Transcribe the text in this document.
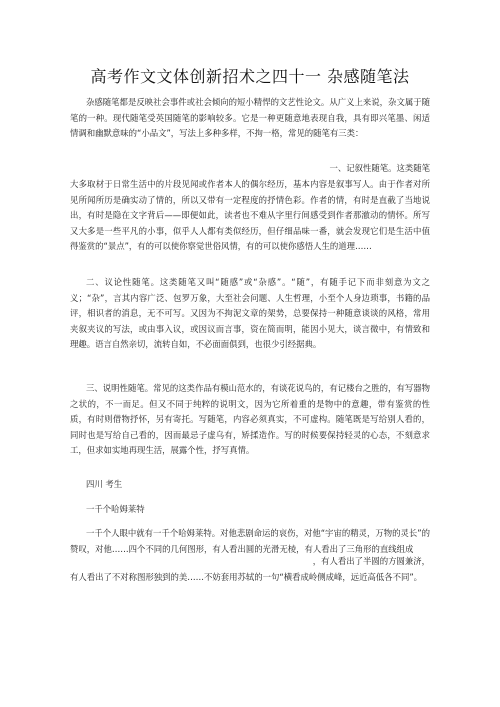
高考作文文体创新招术之四十一 杂感随笔法

杂感随笔都是反映社会事件或社会倾向的短小精悍的文艺性论文。从广义上来说，杂文属于随笔的一种。现代随笔受英国随笔的影响较多。它是一种更随意地表现自我，具有即兴笔墨、闲适情调和幽默意味的“小品文”，写法上多种多样，不拘一格，常见的随笔有三类：

一、记叙性随笔。这类随笔

大多取材于日常生活中的片段见闻或作者本人的偶尔经历，基本内容是叙事写人。由于作者对所见所闻所历是确实动了情的，所以又带有一定程度的抒情色彩。作者的情，有时是直截了当地说出，有时是隐在文字背后——即便如此，读者也不难从字里行间感受到作者那澈动的情怀。所写又大多是一些平凡的小事，似乎人人都有类似经历，但仔细品味一番，就会发现它们是生活中值得鉴赏的“景点”，有的可以使你察觉世俗风情，有的可以使你感悟人生的道理……

二、议论性随笔。这类随笔又叫“随感”或“杂感”。“随”，有随手记下而非刻意为文之义；“杂”，言其内容广泛、包罗万象，大至社会问题、人生哲理，小至个人身边琐事，书籍的品评，相识者的消息，无不可写。又因为不拘泥文章的架势，总要保持一种随意谈谈的风格，常用夹叙夹议的写法，或由事入议，或因议而言事，资在简而明，能因小见大，谈言微中，有情致和理趣。语言自然亲切，流转自如，不必面面俱到，也很少引经据典。

三、说明性随笔。常见的这类作品有模山范水的，有谈花说鸟的，有记楼台之胜的，有写器物之状的，不一而足。但又不同于纯粹的说明文，因为它所着重的是物中的意趣，带有鉴赏的性质，有时则借物抒怀，另有寄托。写随笔，内容必须真实，不可虚构。随笔既是写给别人看的，同时也是写给自己看的，因而最忌子虚乌有，矫揉造作。写的时候要保持轻灵的心态，不刻意求工，但求如实地再现生活，展露个性，抒写真情。

四川 考生

一千个哈姆莱特

一千个人眼中就有一千个哈姆莱特。对他悲剧命运的哀伤，对他“宇宙的精灵，万物的灵长”的赞叹，对他……四个不同的几何图形，有人看出圆的光滑无棱，有人看出了三角形的直线组成

，有人看出了半圆的方圆兼济，

有人看出了不对称图形独到的美……不妨套用苏轼的一句“横看成岭侧成峰，远近高低各不同”。
